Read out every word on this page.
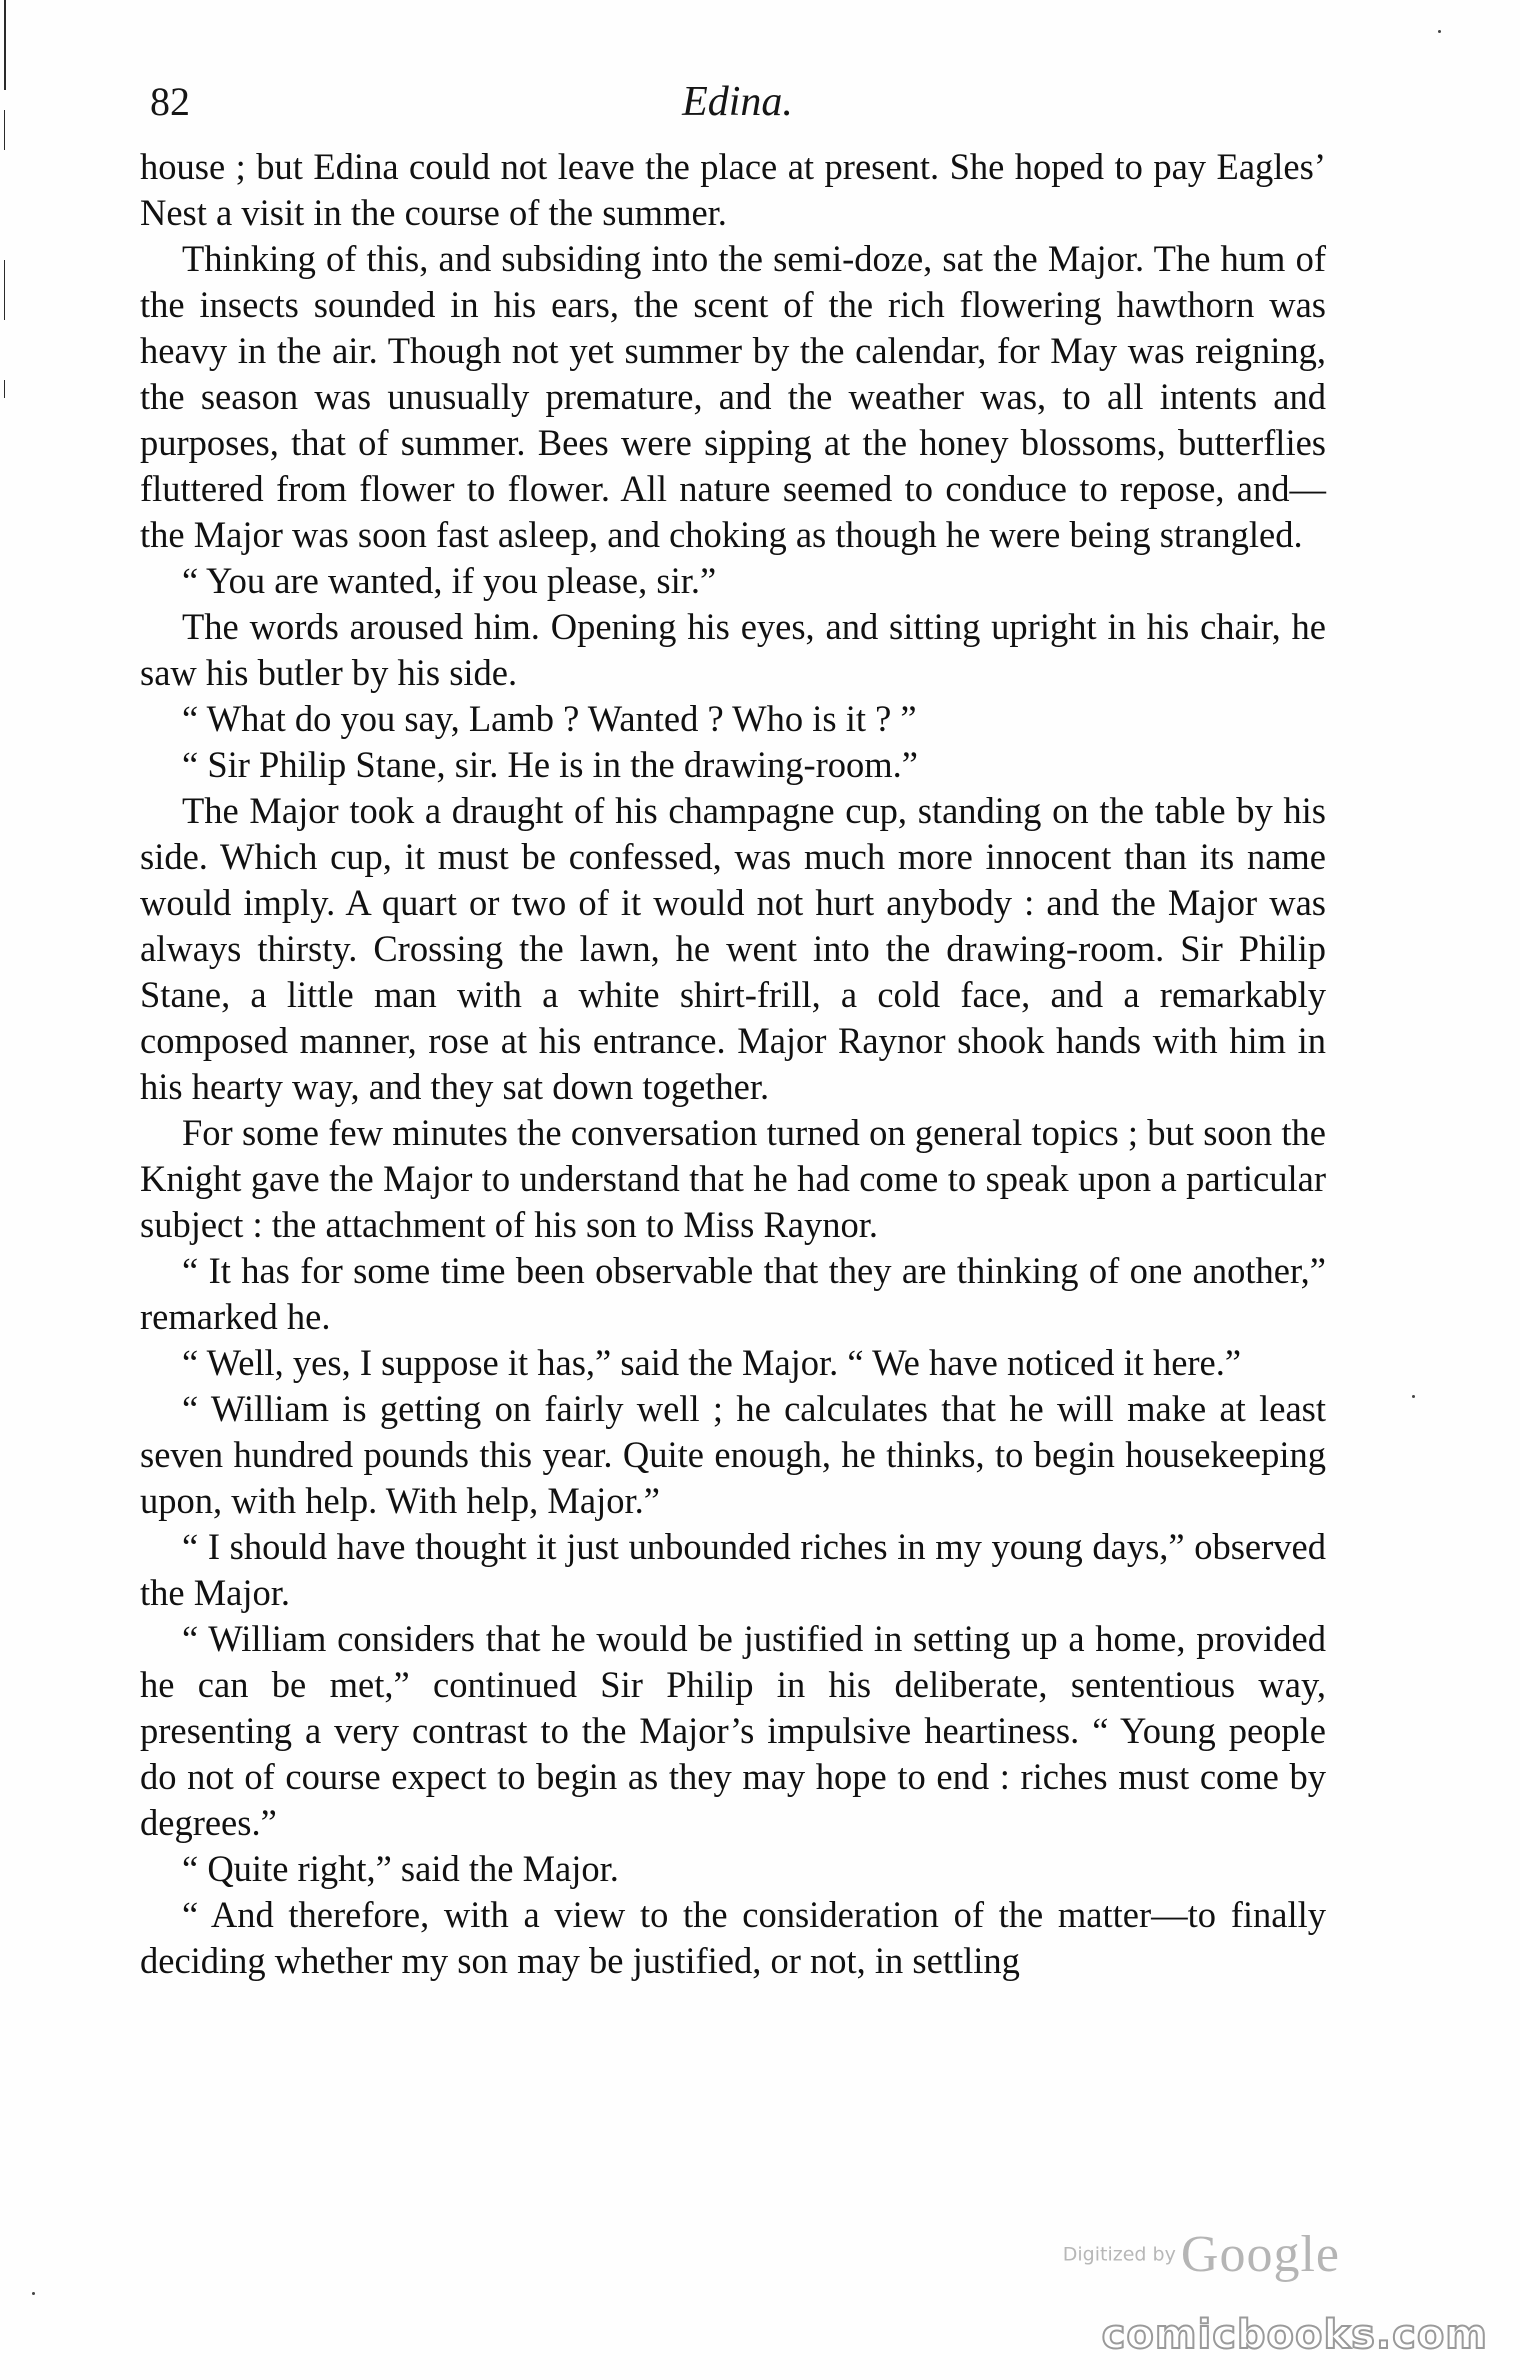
82	Edina.

house ; but Edina could not leave the place at present. She hoped to pay Eagles’ Nest a visit in the course of the summer.

Thinking of this, and subsiding into the semi-doze, sat the Major. The hum of the insects sounded in his ears, the scent of the rich flowering hawthorn was heavy in the air. Though not yet summer by the calendar, for May was reigning, the season was unusually premature, and the weather was, to all intents and purposes, that of summer. Bees were sipping at the honey blossoms, butterflies fluttered from flower to flower. All nature seemed to conduce to repose, and—the Major was soon fast asleep, and choking as though he were being strangled.

“ You are wanted, if you please, sir.”

The words aroused him. Opening his eyes, and sitting upright in his chair, he saw his butler by his side.

“ What do you say, Lamb ? Wanted ? Who is it ? ”

“ Sir Philip Stane, sir. He is in the drawing-room.”

The Major took a draught of his champagne cup, standing on the table by his side. Which cup, it must be confessed, was much more innocent than its name would imply. A quart or two of it would not hurt anybody : and the Major was always thirsty. Crossing the lawn, he went into the drawing-room. Sir Philip Stane, a little man with a white shirt-frill, a cold face, and a remarkably composed manner, rose at his entrance. Major Raynor shook hands with him in his hearty way, and they sat down together.

For some few minutes the conversation turned on general topics ; but soon the Knight gave the Major to understand that he had come to speak upon a particular subject : the attachment of his son to Miss Raynor.

“ It has for some time been observable that they are thinking of one another,” remarked he.

“ Well, yes, I suppose it has,” said the Major. “ We have noticed it here.”

“ William is getting on fairly well ; he calculates that he will make at least seven hundred pounds this year. Quite enough, he thinks, to begin housekeeping upon, with help. With help, Major.”

“ I should have thought it just unbounded riches in my young days,” observed the Major.

“ William considers that he would be justified in setting up a home, provided he can be met,” continued Sir Philip in his deliberate, sententious way, presenting a very contrast to the Major’s impulsive heartiness. “ Young people do not of course expect to begin as they may hope to end : riches must come by degrees.”

“ Quite right,” said the Major.

“ And therefore, with a view to the consideration of the matter—to finally deciding whether my son may be justified, or not, in settling

Digitized by Google
comicbooks.com
